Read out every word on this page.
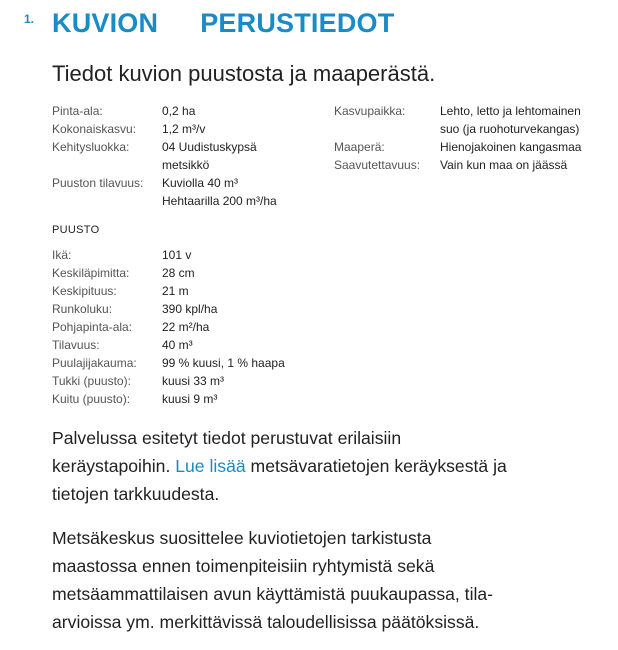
1. KUVION PERUSTIEDOT
Tiedot kuvion puustosta ja maaperästä.
Pinta-ala:	0,2 ha
Kokonaiskasvu:	1,2 m³/v
Kehitysluokka:	04 Uudistuskypsä
metsikkö
Puuston tilavuus:	Kuviolla 40 m³
Hehtaarilla 200 m³/ha
Kasvupaikka:	Lehto, letto ja lehtomainen
suo (ja ruohoturvekangas)
Maaperä:	Hienojakoinen kangasmaa
Saavutettavuus:	Vain kun maa on jäässä
PUUSTO
Ikä:	101 v
Keskiläpimitta:	28 cm
Keskipituus:	21 m
Runkoluku:	390 kpl/ha
Pohjapinta-ala:	22 m²/ha
Tilavuus:	40 m³
Puulajijakauma:	99 % kuusi, 1 % haapa
Tukki (puusto):	kuusi 33 m³
Kuitu (puusto):	kuusi 9 m³
Palvelussa esitetyt tiedot perustuvat erilaisiin
keräystapoihin. Lue lisää metsävaratietojen keräyksestä ja
tietojen tarkkuudesta.
Metsäkeskus suosittelee kuviotietojen tarkistusta
maastossa ennen toimenpiteisiin ryhtymistä sekä
metsäammattilaisen avun käyttämistä puukaupassa, tila-
arvioissa ym. merkittävissä taloudellisissa päätöksissä.
